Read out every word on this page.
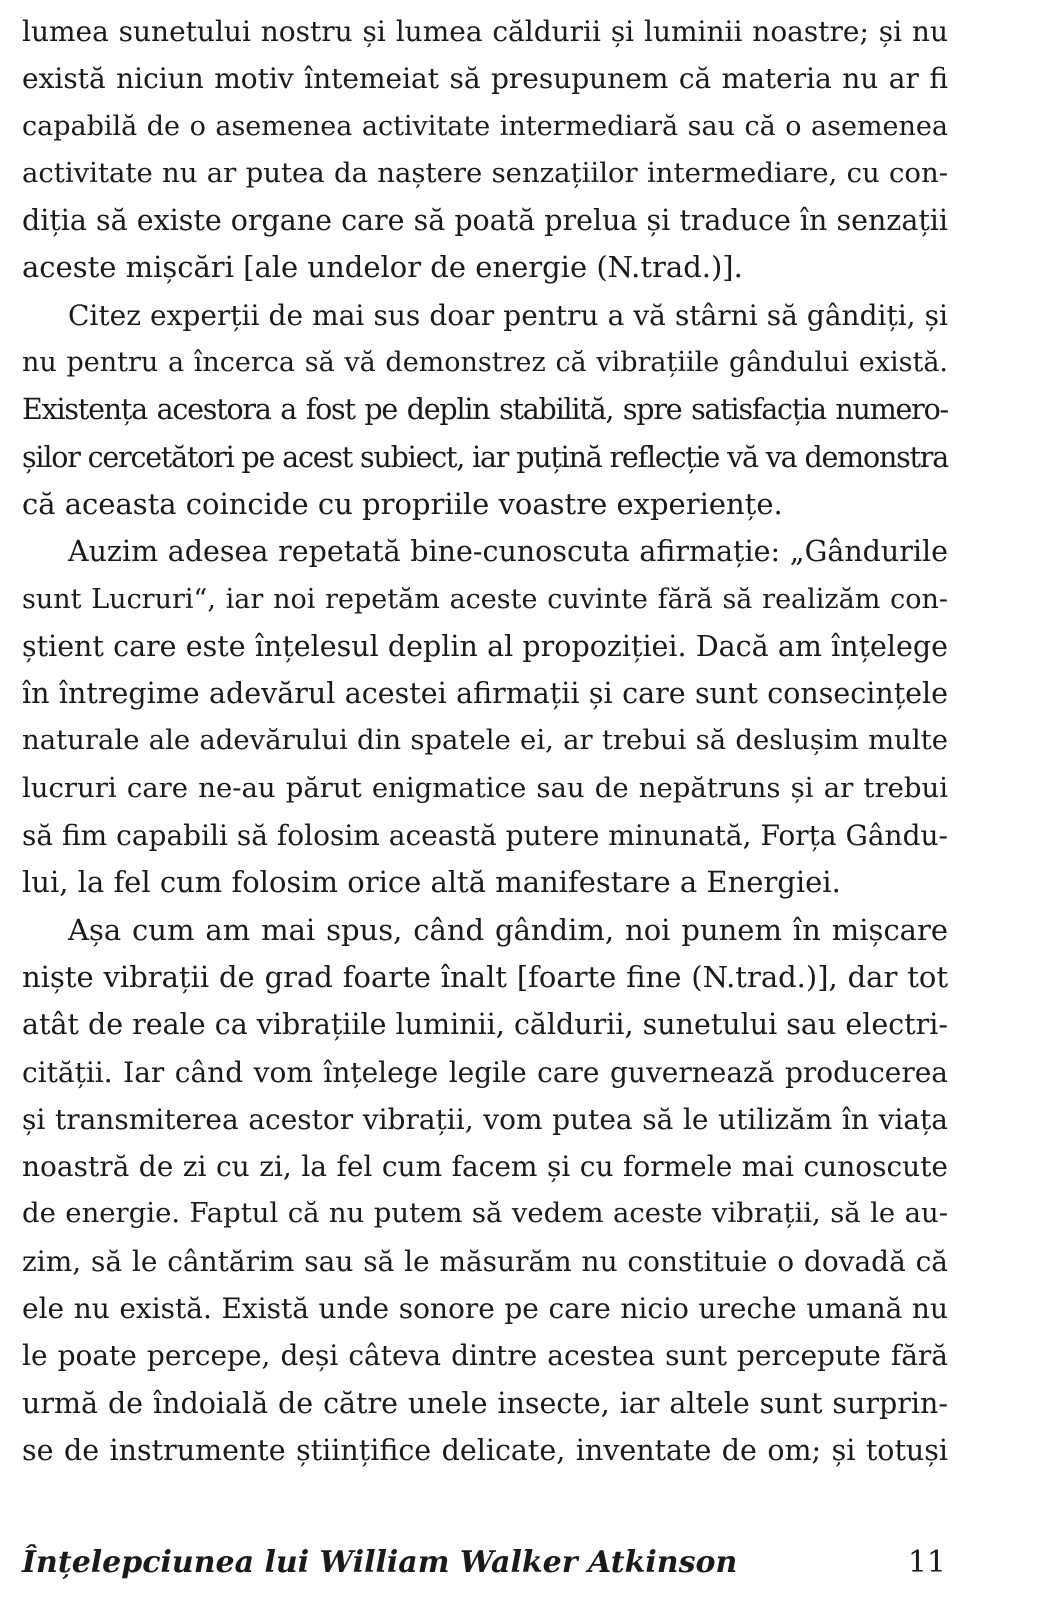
lumea sunetului nostru și lumea căldurii și luminii noastre; și nu
există niciun motiv întemeiat să presupunem că materia nu ar fi
capabilă de o asemenea activitate intermediară sau că o asemenea
activitate nu ar putea da naștere senzațiilor intermediare, cu con-
diția să existe organe care să poată prelua și traduce în senzații
aceste mișcări [ale undelor de energie (N.trad.)].
Citez experții de mai sus doar pentru a vă stârni să gândiți, și
nu pentru a încerca să vă demonstrez că vibrațiile gândului există.
Existența acestora a fost pe deplin stabilită, spre satisfacția numero-
șilor cercetători pe acest subiect, iar puțină reflecție vă va demonstra
că aceasta coincide cu propriile voastre experiențe.
Auzim adesea repetată bine-cunoscuta afirmație: „Gândurile
sunt Lucruri“, iar noi repetăm aceste cuvinte fără să realizăm con-
știent care este înțelesul deplin al propoziției. Dacă am înțelege
în întregime adevărul acestei afirmații și care sunt consecințele
naturale ale adevărului din spatele ei, ar trebui să deslușim multe
lucruri care ne-au părut enigmatice sau de nepătruns și ar trebui
să fim capabili să folosim această putere minunată, Forța Gându-
lui, la fel cum folosim orice altă manifestare a Energiei.
Așa cum am mai spus, când gândim, noi punem în mișcare
niște vibrații de grad foarte înalt [foarte fine (N.trad.)], dar tot
atât de reale ca vibrațiile luminii, căldurii, sunetului sau electri-
cității. Iar când vom înțelege legile care guvernează producerea
și transmiterea acestor vibrații, vom putea să le utilizăm în viața
noastră de zi cu zi, la fel cum facem și cu formele mai cunoscute
de energie. Faptul că nu putem să vedem aceste vibrații, să le au-
zim, să le cântărim sau să le măsurăm nu constituie o dovadă că
ele nu există. Există unde sonore pe care nicio ureche umană nu
le poate percepe, deși câteva dintre acestea sunt percepute fără
urmă de îndoială de către unele insecte, iar altele sunt surprin-
se de instrumente științifice delicate, inventate de om; și totuși
Înțelepciunea lui William Walker Atkinson	11
